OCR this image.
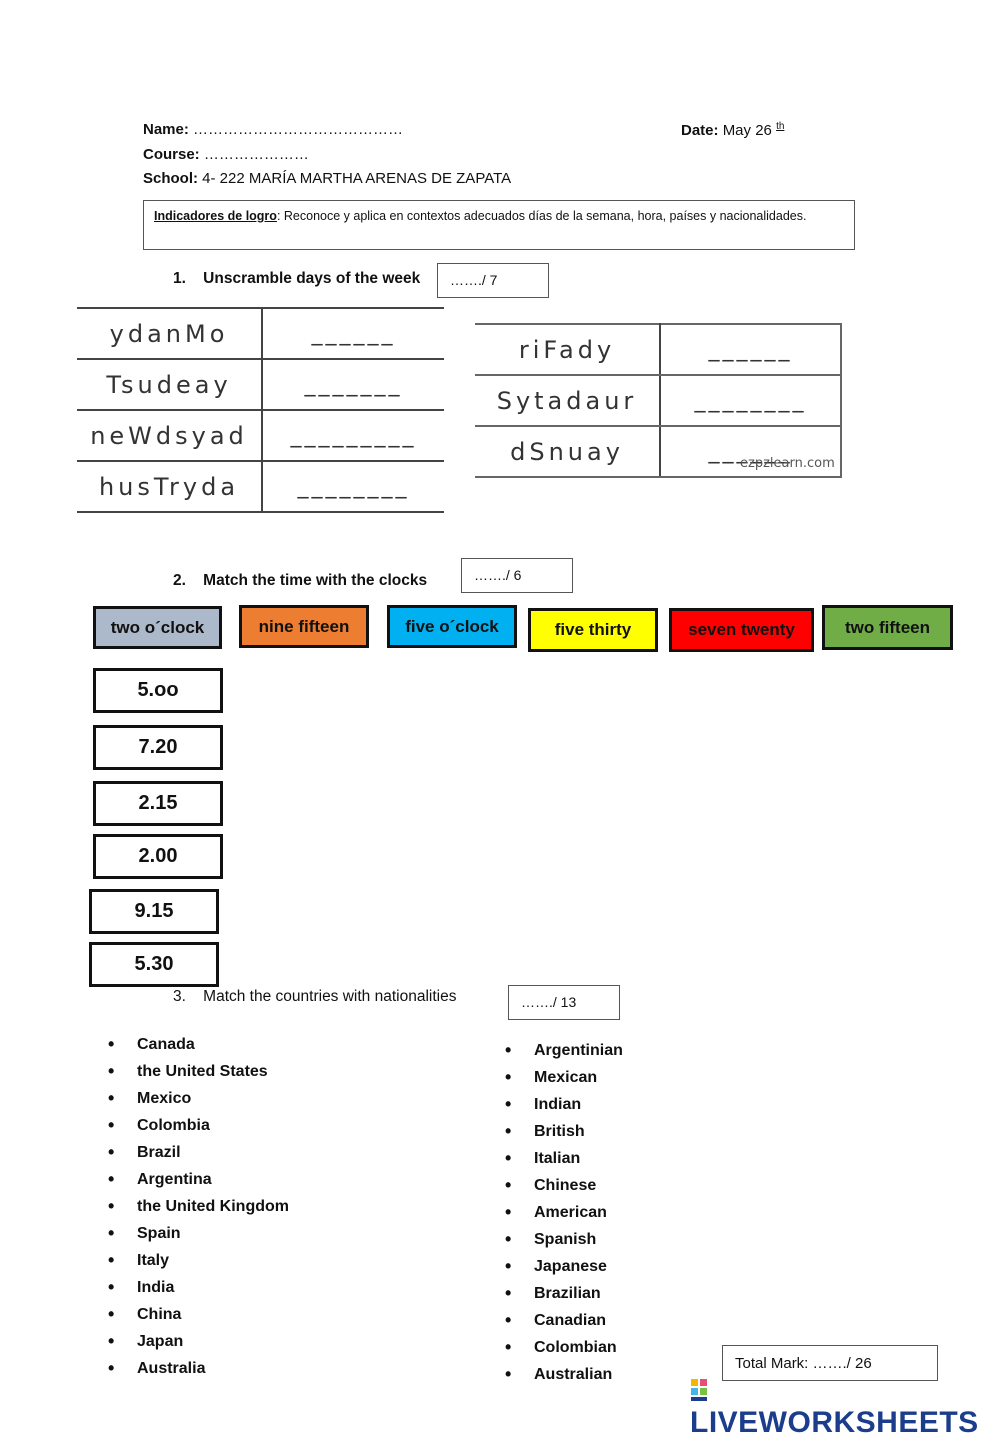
Name: ……………………………………	Date: May 26 $^{th}$
Course: …………………
School: 4- 222 MARÍA MARTHA ARENAS DE ZAPATA
Indicadores de logro: Reconoce y aplica en contextos adecuados días de la semana, hora, países y nacionalidades.
1. Unscramble days of the week	……./ 7
ydanMo	______
Tsudeay	_______
neWdsyad	_________
husTryda	________
riFady	______
Sytadaur	________
dSnuay	______
ezpzlearn.com
2. Match the time with the clocks	……./ 6
two o´clock	nine fifteen	five o´clock	five thirty	seven twenty	two fifteen
5.oo
7.20
2.15
2.00
9.15
5.30
3. Match the countries with nationalities	……./ 13
• Canada
• the United States
• Mexico
• Colombia
• Brazil
• Argentina
• the United Kingdom
• Spain
• Italy
• India
• China
• Japan
• Australia
• Argentinian
• Mexican
• Indian
• British
• Italian
• Chinese
• American
• Spanish
• Japanese
• Brazilian
• Canadian
• Colombian
• Australian
Total Mark: ……./ 26
LIVEWORKSHEETS
